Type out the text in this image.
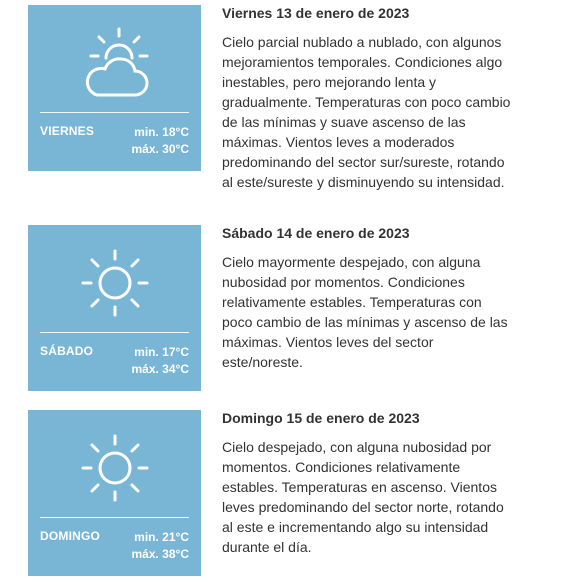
VIERNES	min. 18°C
máx. 30°C
Viernes 13 de enero de 2023

Cielo parcial nublado a nublado, con algunos mejoramientos temporales. Condiciones algo inestables, pero mejorando lenta y gradualmente. Temperaturas con poco cambio de las mínimas y suave ascenso de las máximas. Vientos leves a moderados predominando del sector sur/sureste, rotando al este/sureste y disminuyendo su intensidad.

SÁBADO	min. 17°C
máx. 34°C
Sábado 14 de enero de 2023

Cielo mayormente despejado, con alguna nubosidad por momentos. Condiciones relativamente estables. Temperaturas con poco cambio de las mínimas y ascenso de las máximas. Vientos leves del sector este/noreste.

DOMINGO	min. 21°C
máx. 38°C
Domingo 15 de enero de 2023

Cielo despejado, con alguna nubosidad por momentos. Condiciones relativamente estables. Temperaturas en ascenso. Vientos leves predominando del sector norte, rotando al este e incrementando algo su intensidad durante el día.
